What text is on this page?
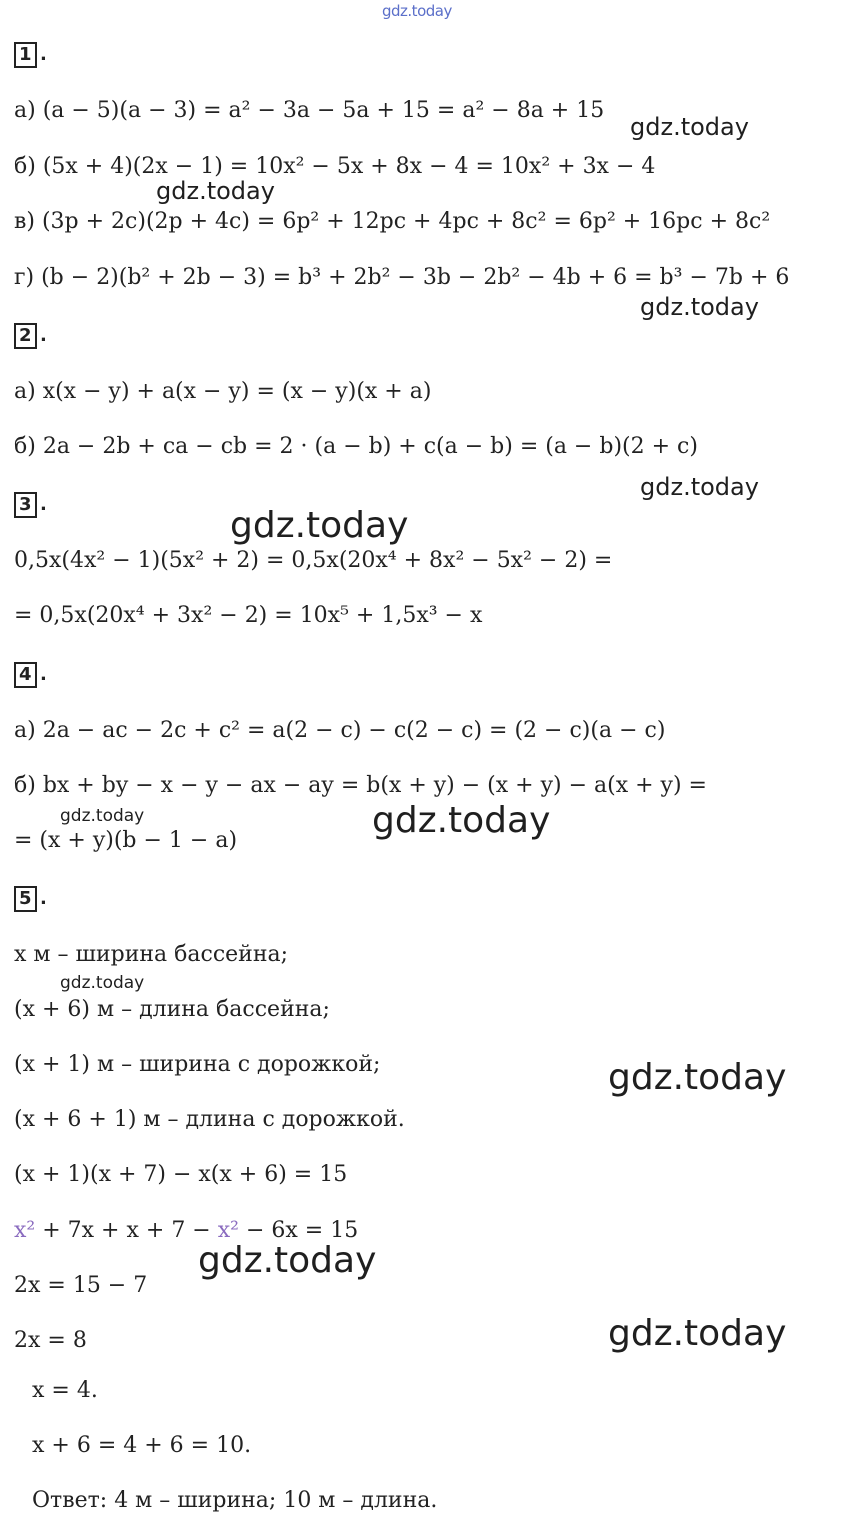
gdz.today
1 .
а) (a − 5)(a − 3) = a² − 3a − 5a + 15 = a² − 8a + 15
б) (5x + 4)(2x − 1) = 10x² − 5x + 8x − 4 = 10x² + 3x − 4
в) (3p + 2c)(2p + 4c) = 6p² + 12pc + 4pc + 8c² = 6p² + 16pc + 8c²
г) (b − 2)(b² + 2b − 3) = b³ + 2b² − 3b − 2b² − 4b + 6 = b³ − 7b + 6
2 .
а) x(x − y) + a(x − y) = (x − y)(x + a)
б) 2a − 2b + ca − cb = 2 · (a − b) + c(a − b) = (a − b)(2 + c)
3 .
0,5x(4x² − 1)(5x² + 2) = 0,5x(20x⁴ + 8x² − 5x² − 2) =
= 0,5x(20x⁴ + 3x² − 2) = 10x⁵ + 1,5x³ − x
4 .
а) 2a − ac − 2c + c² = a(2 − c) − c(2 − c) = (2 − c)(a − c)
б) bx + by − x − y − ax − ay = b(x + y) − (x + y) − a(x + y) =
= (x + y)(b − 1 − a)
5 .
x м – ширина бассейна;
(x + 6) м – длина бассейна;
(x + 1) м – ширина с дорожкой;
(x + 6 + 1) м – длина с дорожкой.
(x + 1)(x + 7) − x(x + 6) = 15
x² + 7x + x + 7 − x² − 6x = 15
2x = 15 − 7
2x = 8
x = 4.
x + 6 = 4 + 6 = 10.
Ответ: 4 м – ширина; 10 м – длина.
gdz.today
gdz.today
gdz.today
gdz.today
gdz.today
gdz.today	gdz.today
gdz.today
gdz.today
gdz.today
gdz.today
